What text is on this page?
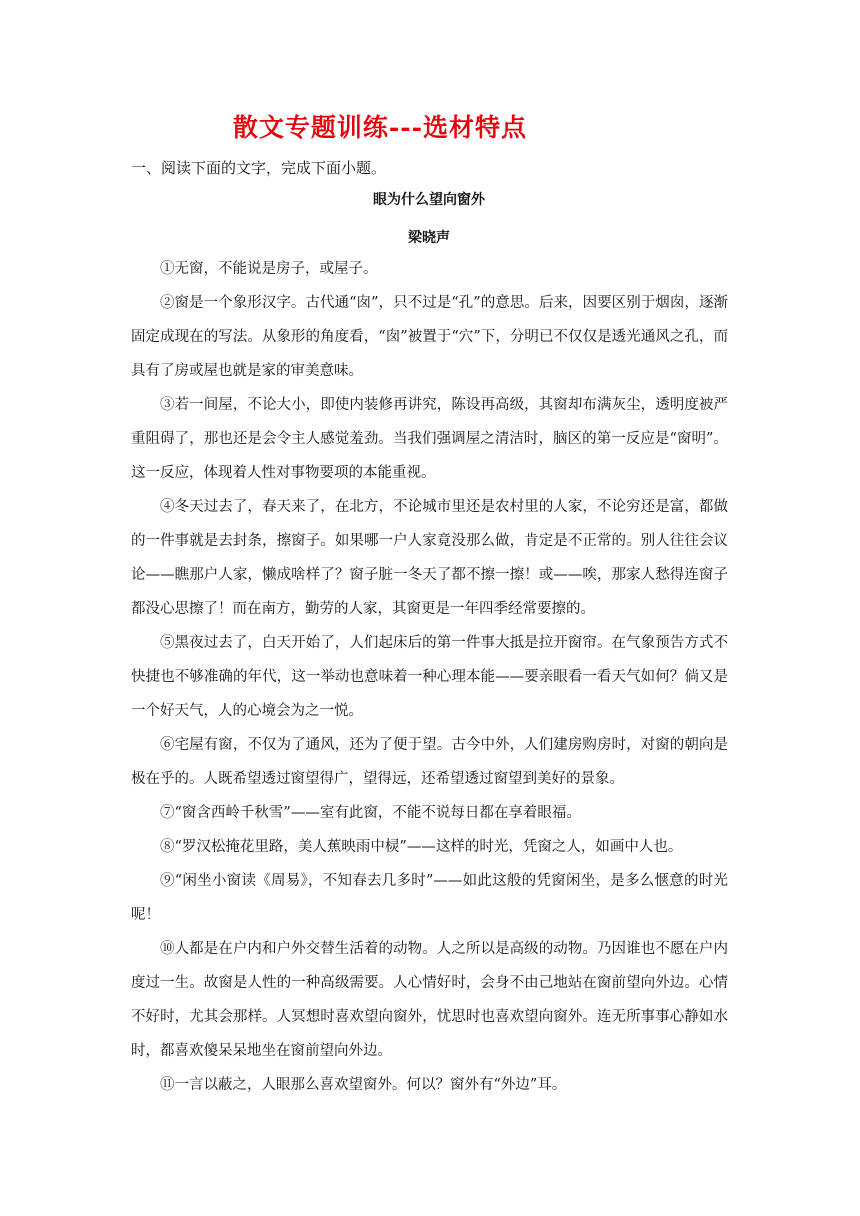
散文专题训练---选材特点
一、阅读下面的文字，完成下面小题。
眼为什么望向窗外
梁晓声

①无窗，不能说是房子，或屋子。

②窗是一个象形汉字。古代通“囱”，只不过是“孔”的意思。后来，因要区别于烟囱，逐渐固定成现在的写法。从象形的角度看，“囱”被置于“穴”下，分明已不仅仅是透光通风之孔，而具有了房或屋也就是家的审美意味。

③若一间屋，不论大小，即使内装修再讲究，陈设再高级，其窗却布满灰尘，透明度被严重阻碍了，那也还是会令主人感觉羞劲。当我们强调屋之清洁时，脑区的第一反应是“窗明”。这一反应，体现着人性对事物要项的本能重视。

④冬天过去了，春天来了，在北方，不论城市里还是农村里的人家，不论穷还是富，都做的一件事就是去封条，擦窗子。如果哪一户人家竟没那么做，肯定是不正常的。别人往往会议论——瞧那户人家，懒成啥样了？窗子脏一冬天了都不擦一擦！或——唉，那家人愁得连窗子都没心思擦了！而在南方，勤劳的人家，其窗更是一年四季经常要擦的。

⑤黑夜过去了，白天开始了，人们起床后的第一件事大抵是拉开窗帘。在气象预告方式不快捷也不够准确的年代，这一举动也意味着一种心理本能——要亲眼看一看天气如何？倘又是一个好天气，人的心境会为之一悦。

⑥宅屋有窗，不仅为了通风，还为了便于望。古今中外，人们建房购房时，对窗的朝向是极在乎的。人既希望透过窗望得广，望得远，还希望透过窗望到美好的景象。

⑦“窗含西岭千秋雪”——室有此窗，不能不说每日都在享着眼福。

⑧“罗汉松掩花里路，美人蕉映雨中棂”——这样的时光，凭窗之人，如画中人也。

⑨“闲坐小窗读《周易》，不知春去几多时”——如此这般的凭窗闲坐，是多么惬意的时光呢！

⑩人都是在户内和户外交替生活着的动物。人之所以是高级的动物。乃因谁也不愿在户内度过一生。故窗是人性的一种高级需要。人心情好时，会身不由己地站在窗前望向外边。心情不好时，尤其会那样。人冥想时喜欢望向窗外，忧思时也喜欢望向窗外。连无所事事心静如水时，都喜欢傻呆呆地坐在窗前望向外边。

⑪一言以蔽之，人眼那么喜欢望窗外。何以？窗外有“外边”耳。
